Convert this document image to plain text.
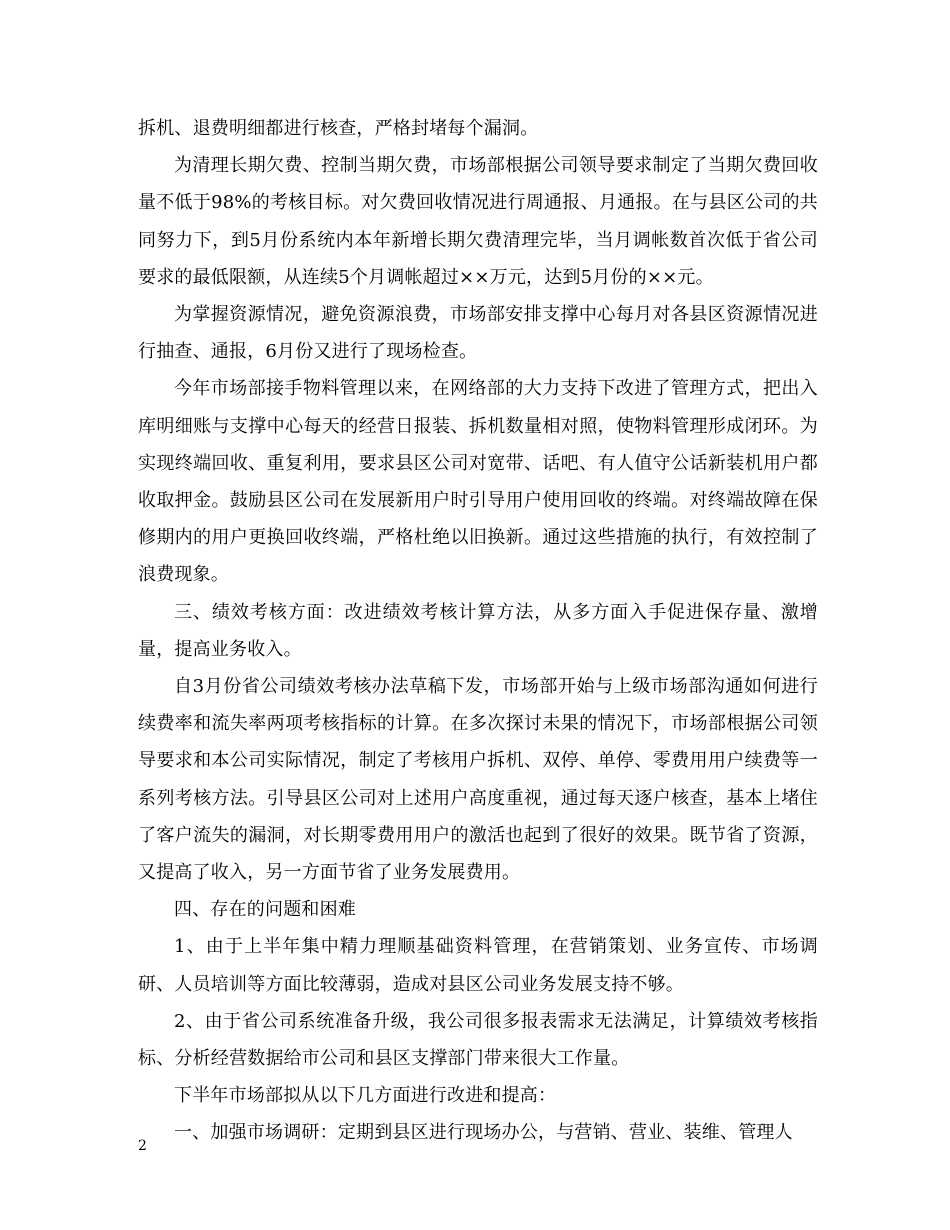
拆机、退费明细都进行核查，严格封堵每个漏洞。

为清理长期欠费、控制当期欠费，市场部根据公司领导要求制定了当期欠费回收量不低于98%的考核目标。对欠费回收情况进行周通报、月通报。在与县区公司的共同努力下，到5月份系统内本年新增长期欠费清理完毕，当月调帐数首次低于省公司要求的最低限额，从连续5个月调帐超过××万元，达到5月份的××元。

为掌握资源情况，避免资源浪费，市场部安排支撑中心每月对各县区资源情况进行抽查、通报，6月份又进行了现场检查。

今年市场部接手物料管理以来，在网络部的大力支持下改进了管理方式，把出入库明细账与支撑中心每天的经营日报装、拆机数量相对照，使物料管理形成闭环。为实现终端回收、重复利用，要求县区公司对宽带、话吧、有人值守公话新装机用户都收取押金。鼓励县区公司在发展新用户时引导用户使用回收的终端。对终端故障在保修期内的用户更换回收终端，严格杜绝以旧换新。通过这些措施的执行，有效控制了浪费现象。

三、绩效考核方面：改进绩效考核计算方法，从多方面入手促进保存量、激增量，提高业务收入。

自3月份省公司绩效考核办法草稿下发，市场部开始与上级市场部沟通如何进行续费率和流失率两项考核指标的计算。在多次探讨未果的情况下，市场部根据公司领导要求和本公司实际情况，制定了考核用户拆机、双停、单停、零费用用户续费等一系列考核方法。引导县区公司对上述用户高度重视，通过每天逐户核查，基本上堵住了客户流失的漏洞，对长期零费用用户的激活也起到了很好的效果。既节省了资源，又提高了收入，另一方面节省了业务发展费用。

四、存在的问题和困难

1、由于上半年集中精力理顺基础资料管理，在营销策划、业务宣传、市场调研、人员培训等方面比较薄弱，造成对县区公司业务发展支持不够。

2、由于省公司系统准备升级，我公司很多报表需求无法满足，计算绩效考核指标、分析经营数据给市公司和县区支撑部门带来很大工作量。

下半年市场部拟从以下几方面进行改进和提高：

一、加强市场调研：定期到县区进行现场办公，与营销、营业、装维、管理人

2
